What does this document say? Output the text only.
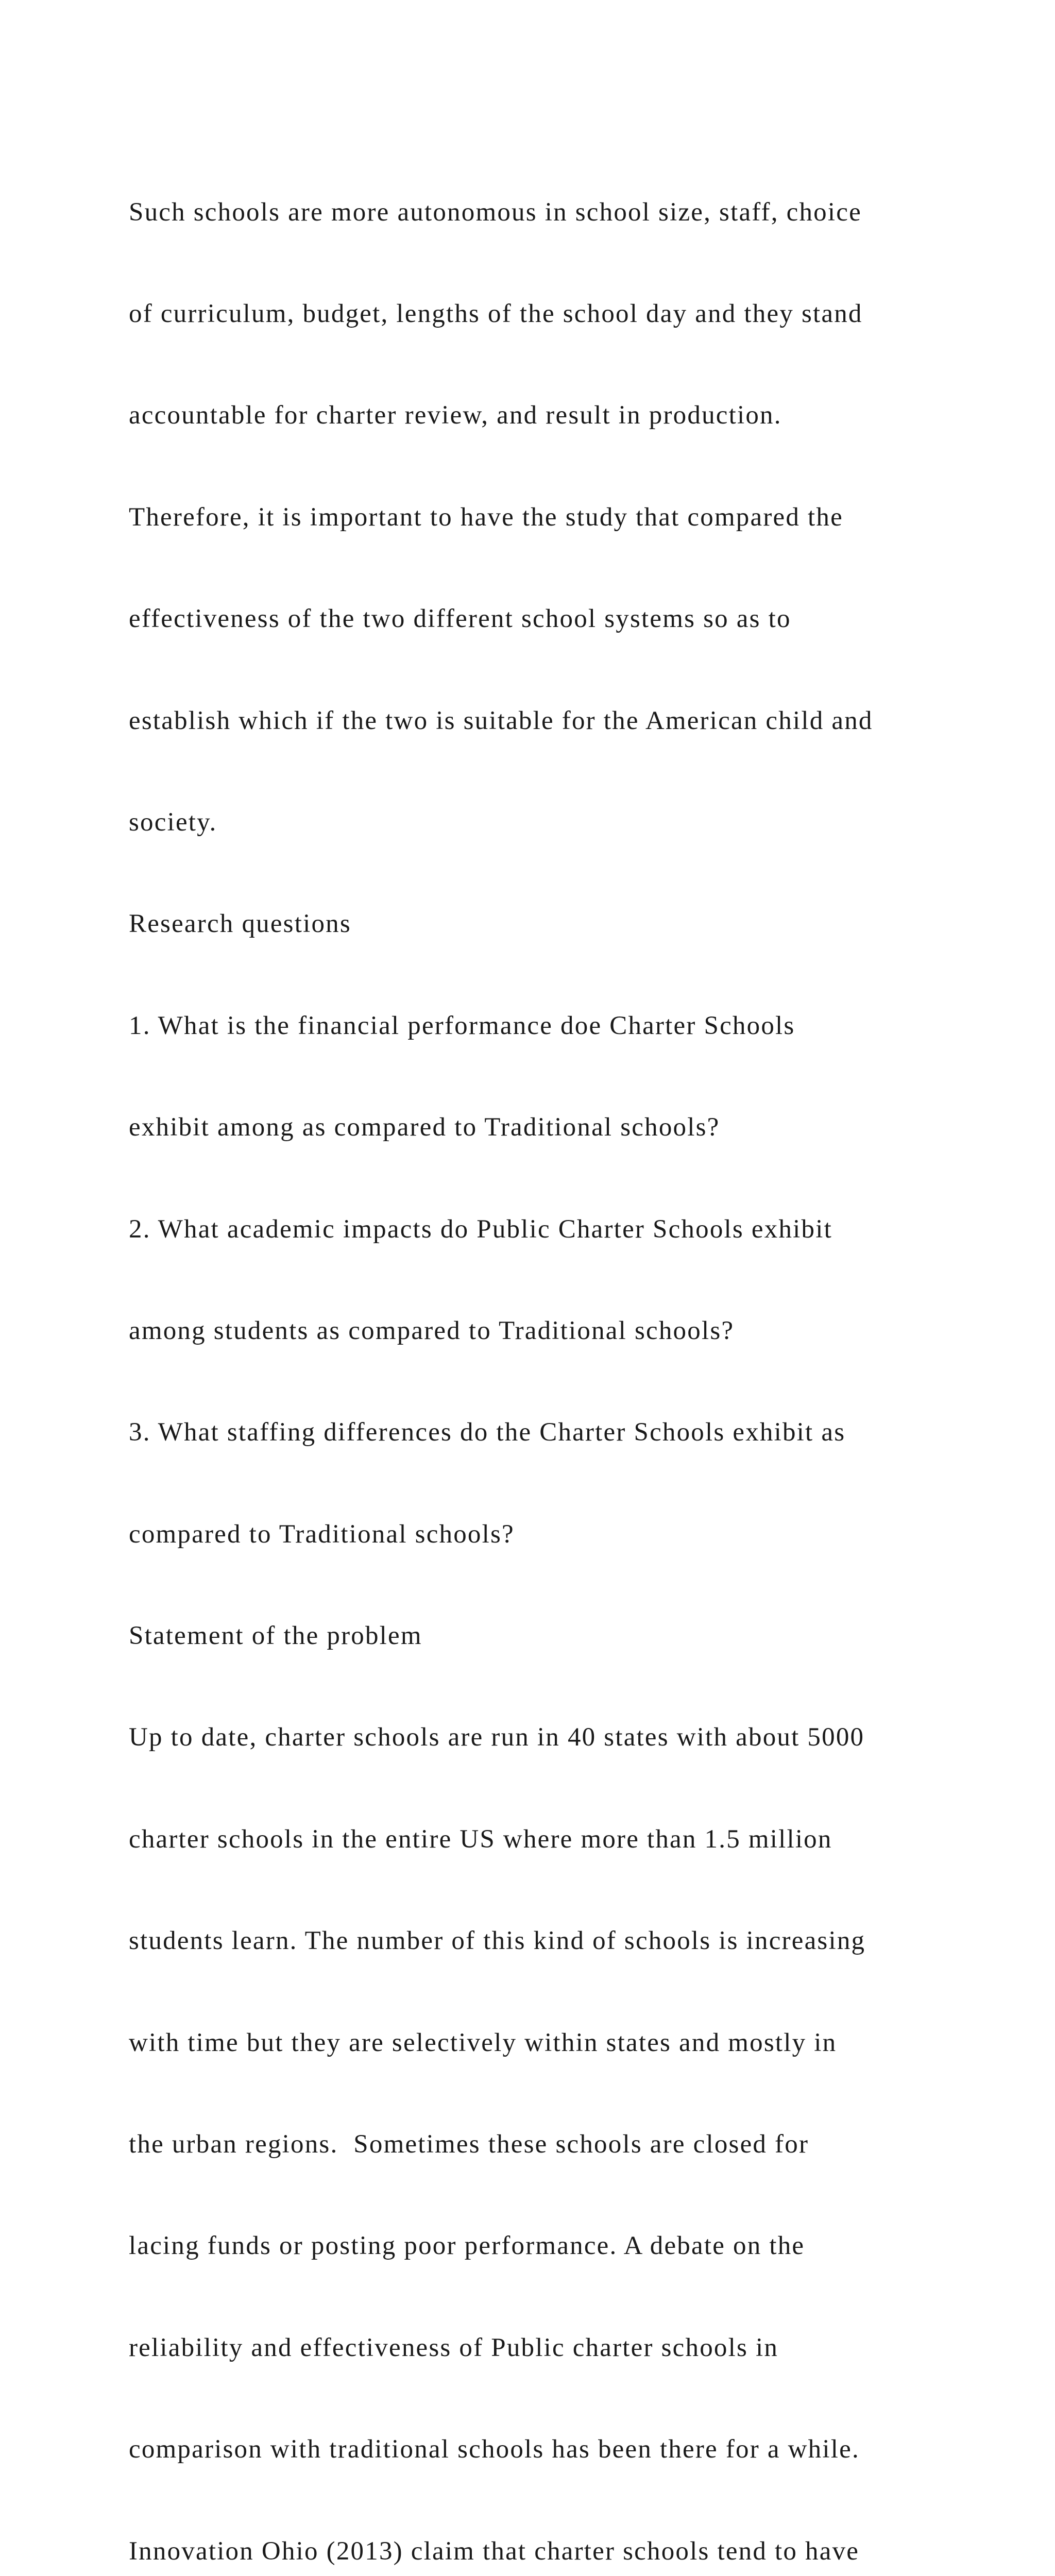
Such schools are more autonomous in school size, staff, choice

of curriculum, budget, lengths of the school day and they stand

accountable for charter review, and result in production.

Therefore, it is important to have the study that compared the

effectiveness of the two different school systems so as to

establish which if the two is suitable for the American child and

society.

Research questions

1. What is the financial performance doe Charter Schools

exhibit among as compared to Traditional schools?

2. What academic impacts do Public Charter Schools exhibit

among students as compared to Traditional schools?

3. What staffing differences do the Charter Schools exhibit as

compared to Traditional schools?

Statement of the problem

Up to date, charter schools are run in 40 states with about 5000

charter schools in the entire US where more than 1.5 million

students learn. The number of this kind of schools is increasing

with time but they are selectively within states and mostly in

the urban regions.  Sometimes these schools are closed for

lacing funds or posting poor performance. A debate on the

reliability and effectiveness of Public charter schools in

comparison with traditional schools has been there for a while.

Innovation Ohio (2013) claim that charter schools tend to have
